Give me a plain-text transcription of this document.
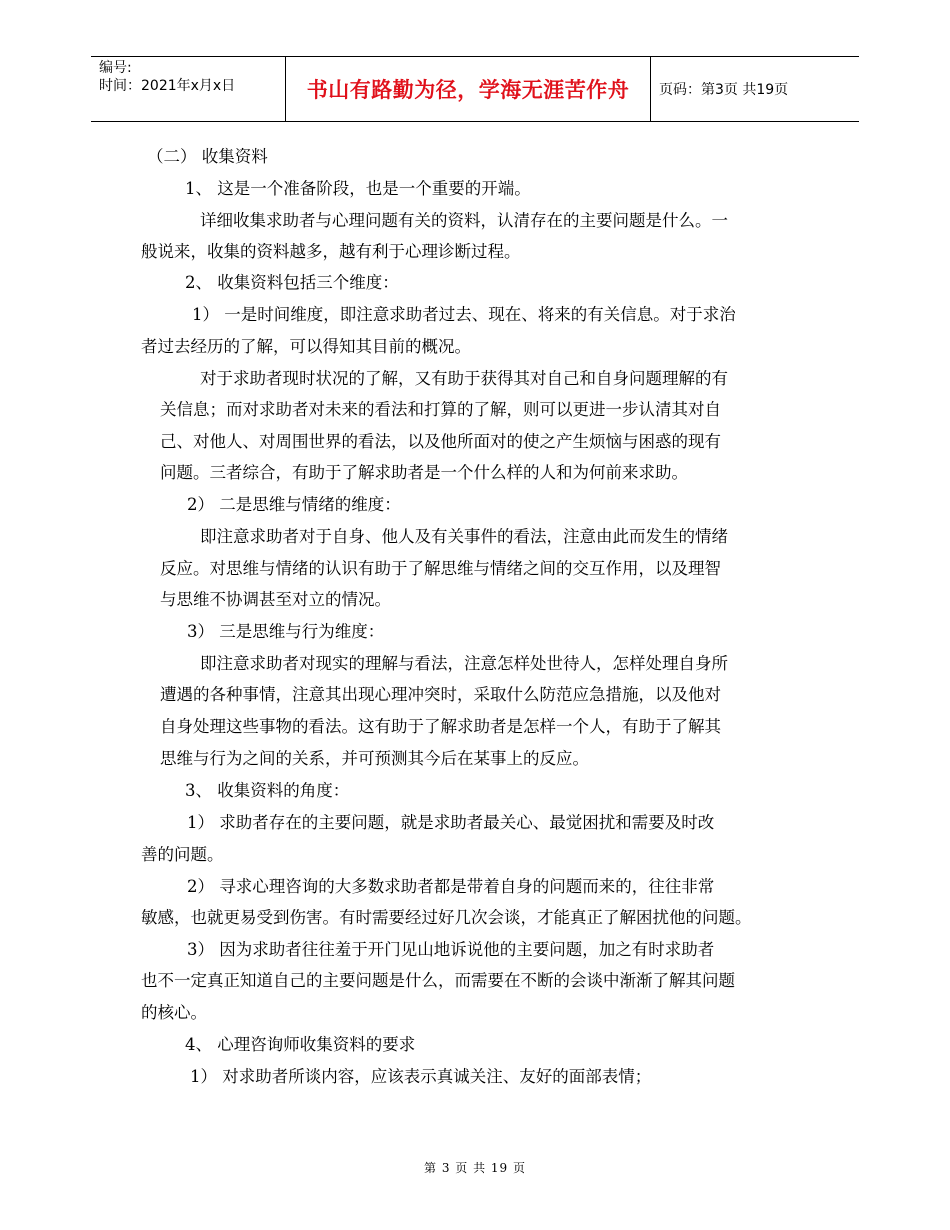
编号:
时间：2021年x月x日	书山有路勤为径，学海无涯苦作舟	页码：第3页 共19页
（二） 收集资料
1、 这是一个准备阶段，也是一个重要的开端。
详细收集求助者与心理问题有关的资料，认清存在的主要问题是什么。一
般说来，收集的资料越多，越有利于心理诊断过程。
2、 收集资料包括三个维度：
1） 一是时间维度，即注意求助者过去、现在、将来的有关信息。对于求治
者过去经历的了解，可以得知其目前的概况。
对于求助者现时状况的了解，又有助于获得其对自己和自身问题理解的有
关信息；而对求助者对未来的看法和打算的了解，则可以更进一步认清其对自
己、对他人、对周围世界的看法，以及他所面对的使之产生烦恼与困惑的现有
问题。三者综合，有助于了解求助者是一个什么样的人和为何前来求助。
2） 二是思维与情绪的维度：
即注意求助者对于自身、他人及有关事件的看法，注意由此而发生的情绪
反应。对思维与情绪的认识有助于了解思维与情绪之间的交互作用，以及理智
与思维不协调甚至对立的情况。
3） 三是思维与行为维度：
即注意求助者对现实的理解与看法，注意怎样处世待人，怎样处理自身所
遭遇的各种事情，注意其出现心理冲突时，采取什么防范应急措施，以及他对
自身处理这些事物的看法。这有助于了解求助者是怎样一个人，有助于了解其
思维与行为之间的关系，并可预测其今后在某事上的反应。
3、 收集资料的角度：
1） 求助者存在的主要问题，就是求助者最关心、最觉困扰和需要及时改
善的问题。
2） 寻求心理咨询的大多数求助者都是带着自身的问题而来的，往往非常
敏感，也就更易受到伤害。有时需要经过好几次会谈，才能真正了解困扰他的问题。
3） 因为求助者往往羞于开门见山地诉说他的主要问题，加之有时求助者
也不一定真正知道自己的主要问题是什么，而需要在不断的会谈中渐渐了解其问题
的核心。
4、 心理咨询师收集资料的要求
1） 对求助者所谈内容，应该表示真诚关注、友好的面部表情；
第 3 页 共 19 页
